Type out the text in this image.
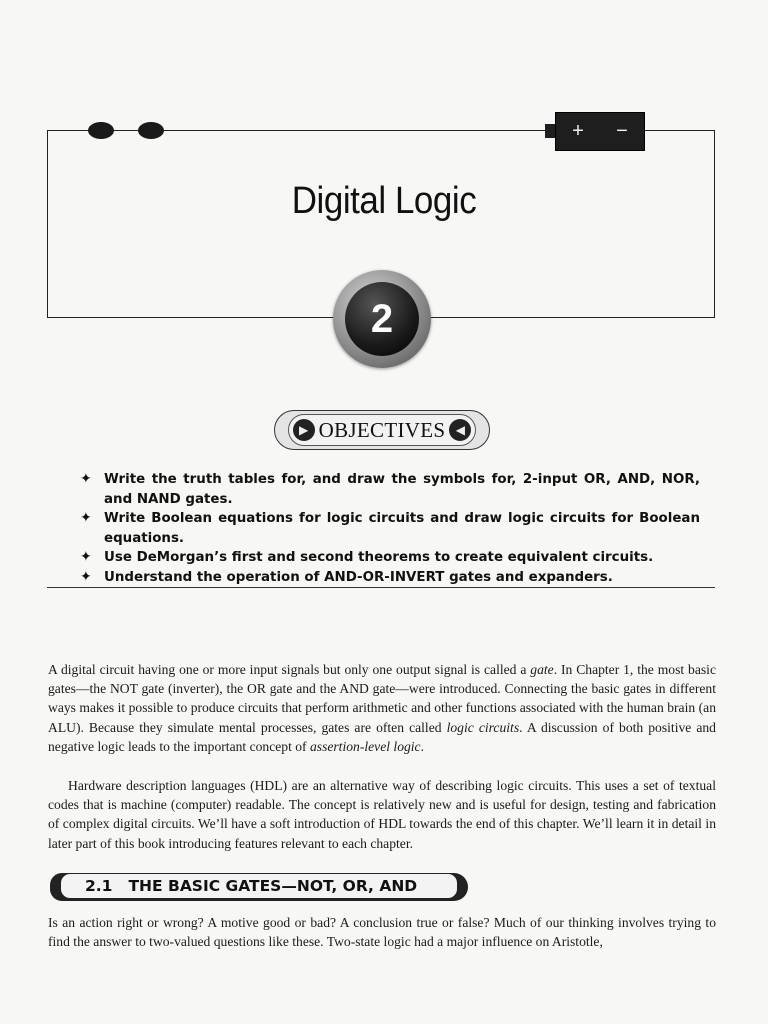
+ −
Digital Logic
2
▶ OBJECTIVES ◀
✦ Write the truth tables for, and draw the symbols for, 2-input OR, AND, NOR, and NAND gates.
✦ Write Boolean equations for logic circuits and draw logic circuits for Boolean equations.
✦ Use DeMorgan’s first and second theorems to create equivalent circuits.
✦ Understand the operation of AND-OR-INVERT gates and expanders.

A digital circuit having one or more input signals but only one output signal is called a gate. In Chapter 1, the most basic gates—the NOT gate (inverter), the OR gate and the AND gate—were introduced. Connecting the basic gates in different ways makes it possible to produce circuits that perform arithmetic and other functions associated with the human brain (an ALU). Because they simulate mental processes, gates are often called logic circuits. A discussion of both positive and negative logic leads to the important concept of assertion-level logic.

Hardware description languages (HDL) are an alternative way of describing logic circuits. This uses a set of textual codes that is machine (computer) readable. The concept is relatively new and is useful for design, testing and fabrication of complex digital circuits. We’ll have a soft introduction of HDL towards the end of this chapter. We’ll learn it in detail in later part of this book introducing features relevant to each chapter.

2.1 THE BASIC GATES—NOT, OR, AND

Is an action right or wrong? A motive good or bad? A conclusion true or false? Much of our thinking involves trying to find the answer to two-valued questions like these. Two-state logic had a major influence on Aristotle,
